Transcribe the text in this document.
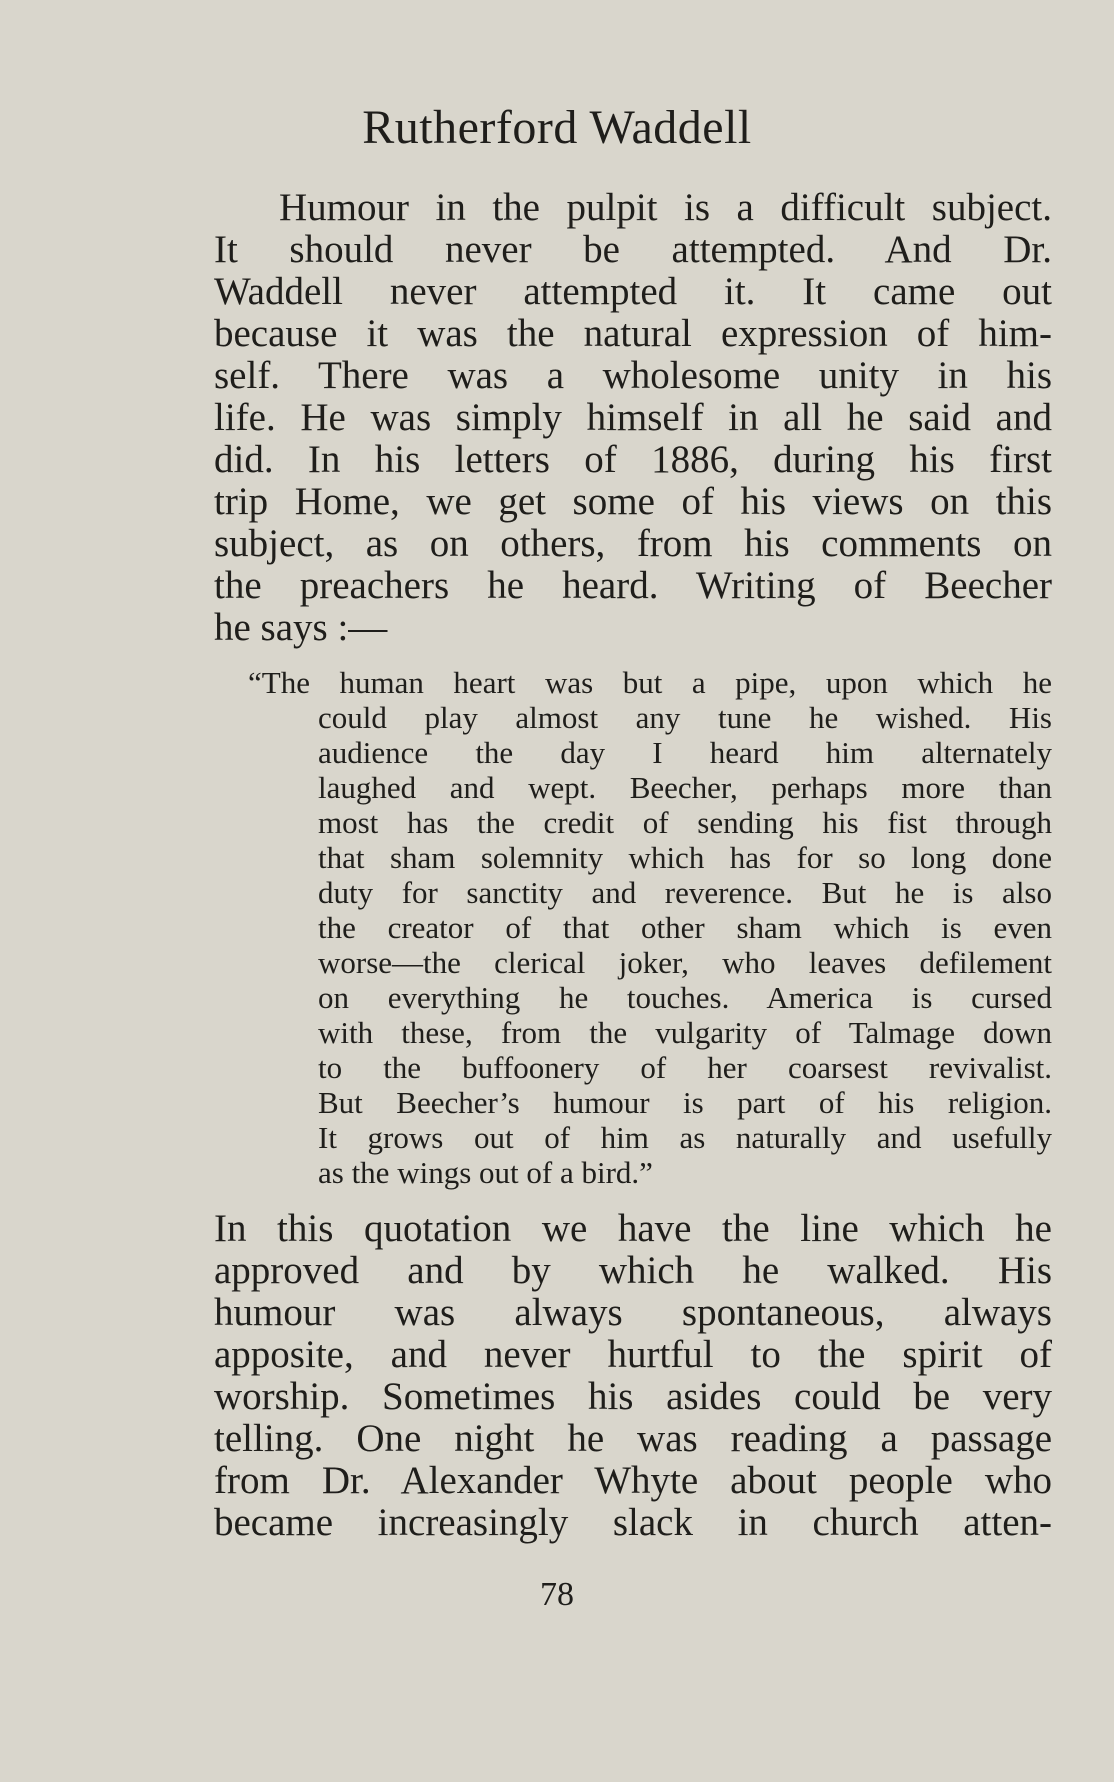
Rutherford Waddell
Humour in the pulpit is a difficult subject.
It should never be attempted. And Dr.
Waddell never attempted it. It came out
because it was the natural expression of him-
self. There was a wholesome unity in his
life. He was simply himself in all he said and
did. In his letters of 1886, during his first
trip Home, we get some of his views on this
subject, as on others, from his comments on
the preachers he heard. Writing of Beecher
he says :—
“The human heart was but a pipe, upon which he
could play almost any tune he wished. His
audience the day I heard him alternately
laughed and wept. Beecher, perhaps more than
most has the credit of sending his fist through
that sham solemnity which has for so long done
duty for sanctity and reverence. But he is also
the creator of that other sham which is even
worse—the clerical joker, who leaves defilement
on everything he touches. America is cursed
with these, from the vulgarity of Talmage down
to the buffoonery of her coarsest revivalist.
But Beecher’s humour is part of his religion.
It grows out of him as naturally and usefully
as the wings out of a bird.”
In this quotation we have the line which he
approved and by which he walked. His
humour was always spontaneous, always
apposite, and never hurtful to the spirit of
worship. Sometimes his asides could be very
telling. One night he was reading a passage
from Dr. Alexander Whyte about people who
became increasingly slack in church atten-
78
